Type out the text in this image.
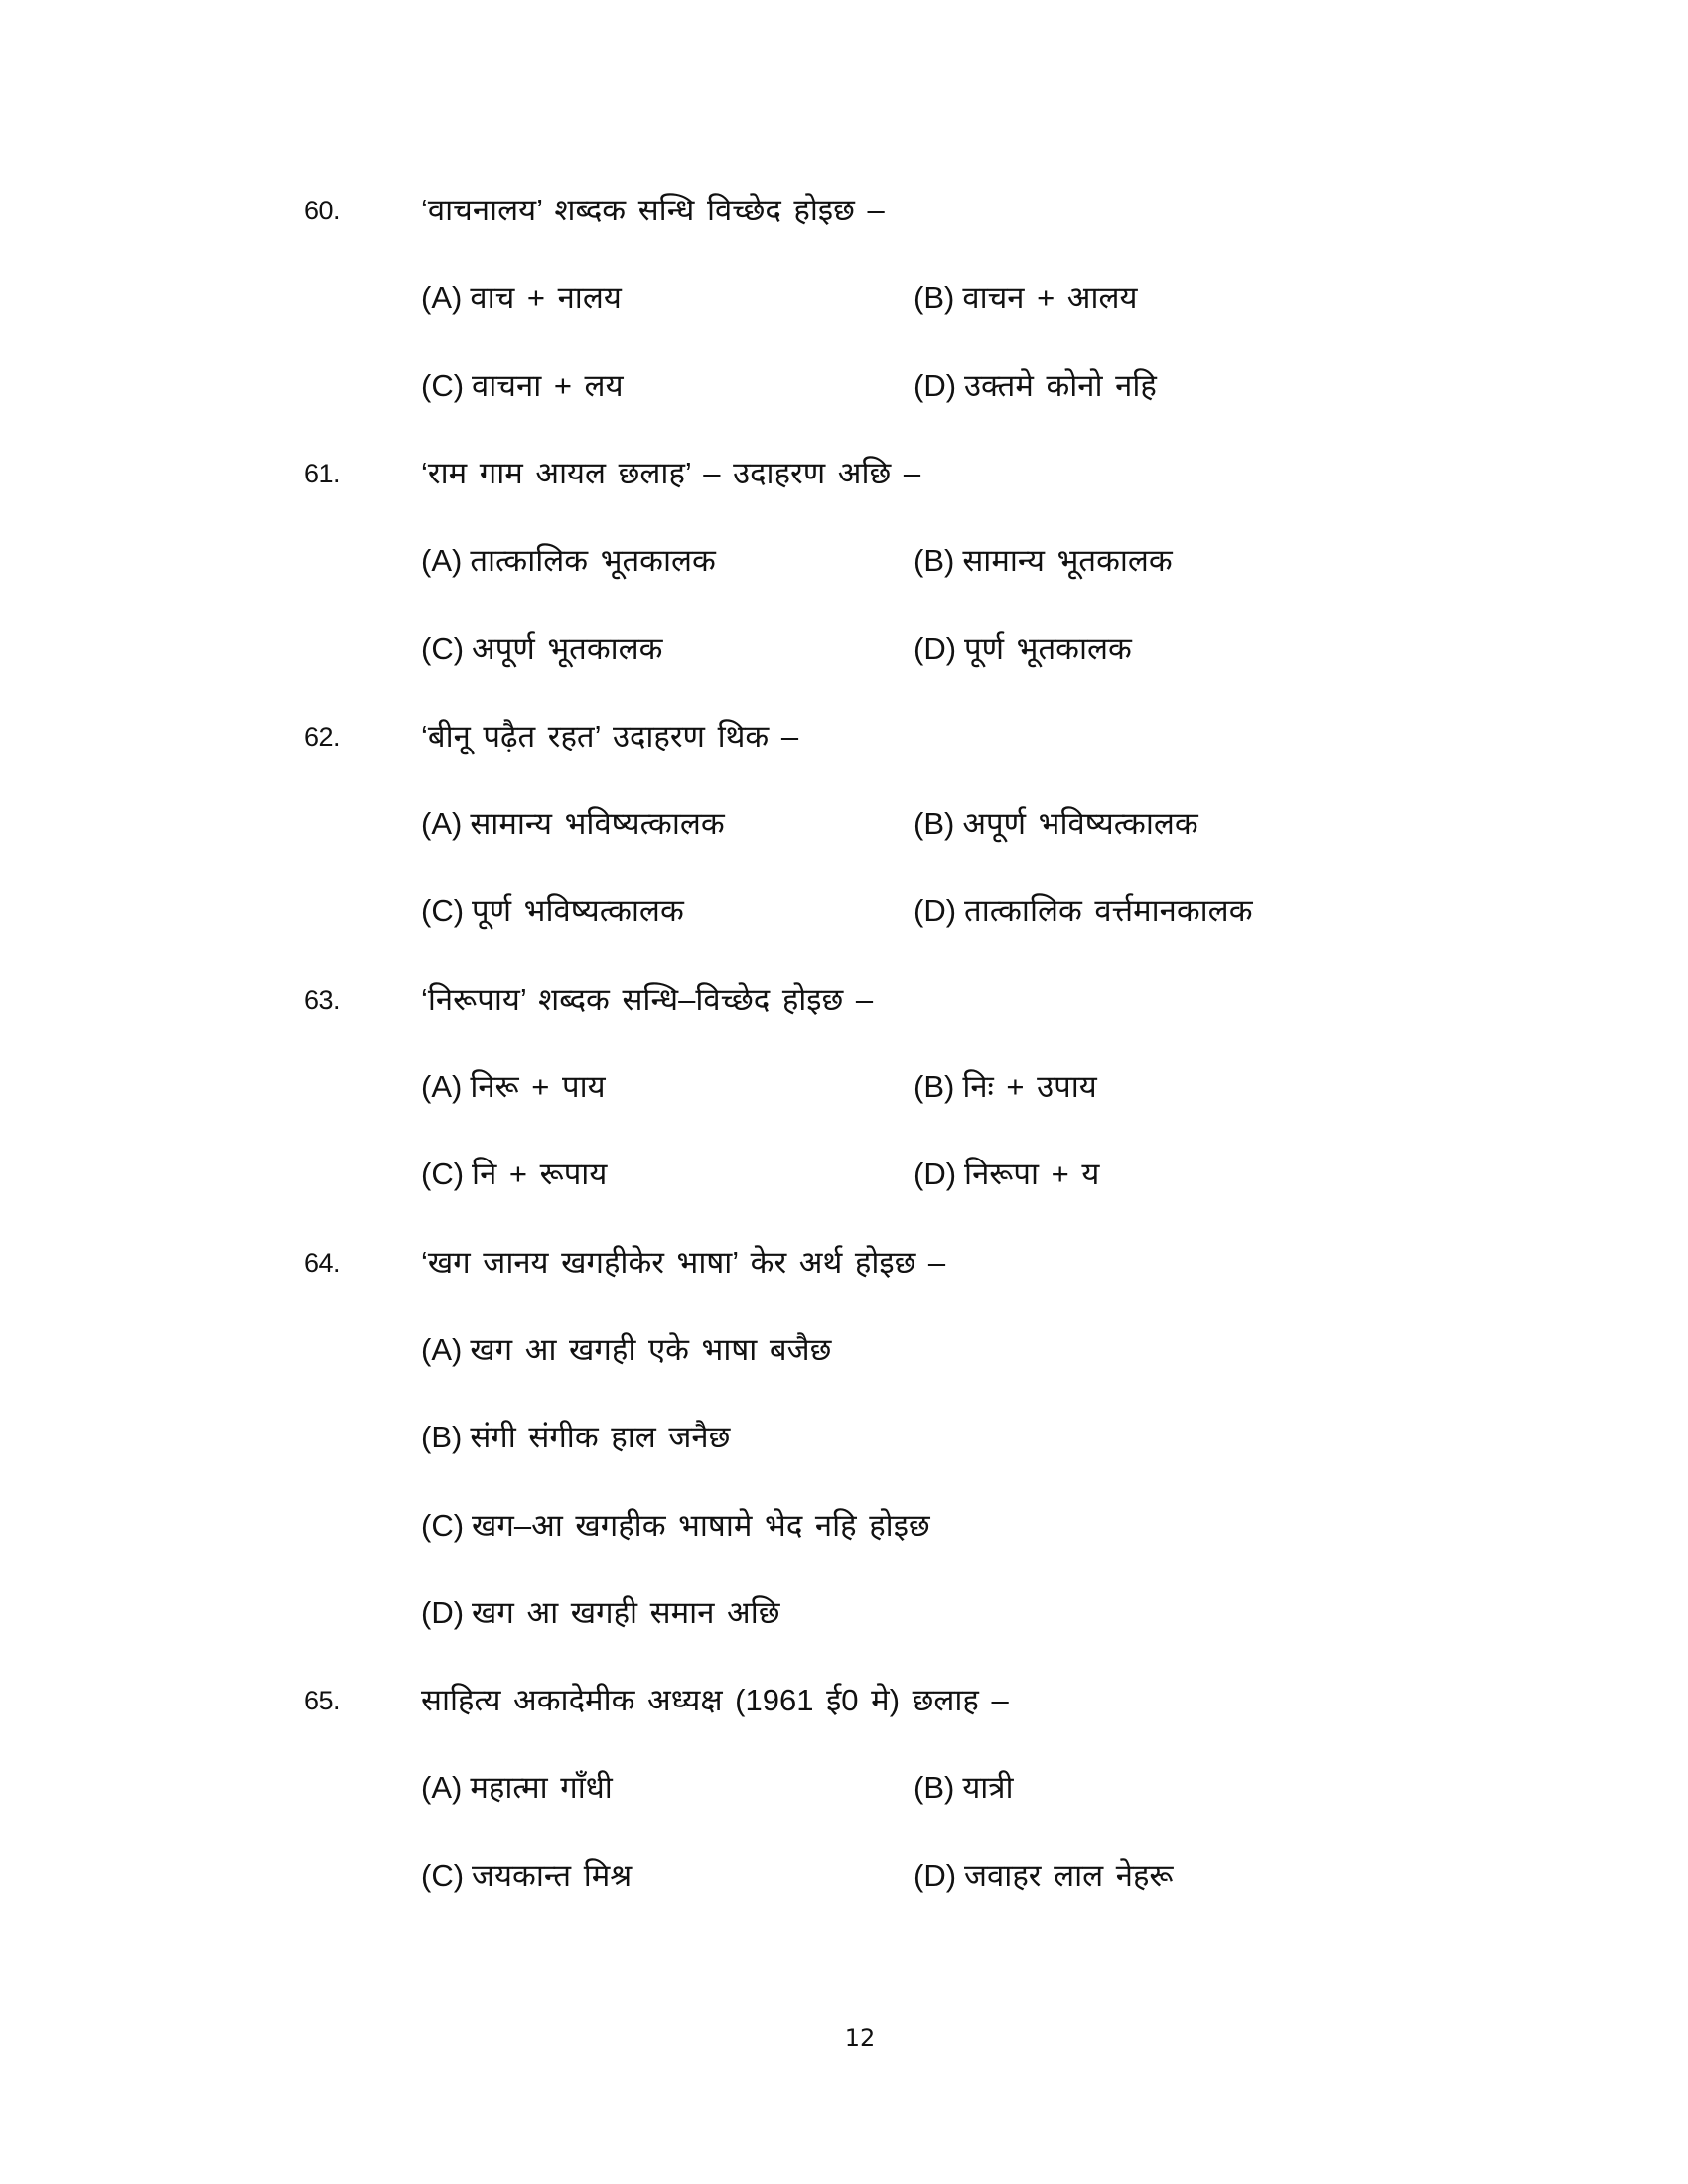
60.	‘वाचनालय’ शब्दक सन्धि विच्छेद होइछ –
(A) वाच + नालय	(B) वाचन + आलय
(C) वाचना + लय	(D) उक्तमे कोनो नहि
61.	‘राम गाम आयल छलाह’ – उदाहरण अछि –
(A) तात्कालिक भूतकालक	(B) सामान्य भूतकालक
(C) अपूर्ण भूतकालक	(D) पूर्ण भूतकालक
62.	‘बीनू पढ़ैत रहत’ उदाहरण थिक –
(A) सामान्य भविष्यत्कालक	(B) अपूर्ण भविष्यत्कालक
(C) पूर्ण भविष्यत्कालक	(D) तात्कालिक वर्त्तमानकालक
63.	‘निरूपाय’ शब्दक सन्धि–विच्छेद होइछ –
(A) निरू + पाय	(B) निः + उपाय
(C) नि + रूपाय	(D) निरूपा + य
64.	‘खग जानय खगहीकेर भाषा’ केर अर्थ होइछ –
(A) खग आ खगही एके भाषा बजैछ
(B) संगी संगीक हाल जनैछ
(C) खग–आ खगहीक भाषामे भेद नहि होइछ
(D) खग आ खगही समान अछि
65.	साहित्य अकादेमीक अध्यक्ष (1961 ई0 मे) छलाह –
(A) महात्मा गाँधी	(B) यात्री
(C) जयकान्त मिश्र	(D) जवाहर लाल नेहरू
12
